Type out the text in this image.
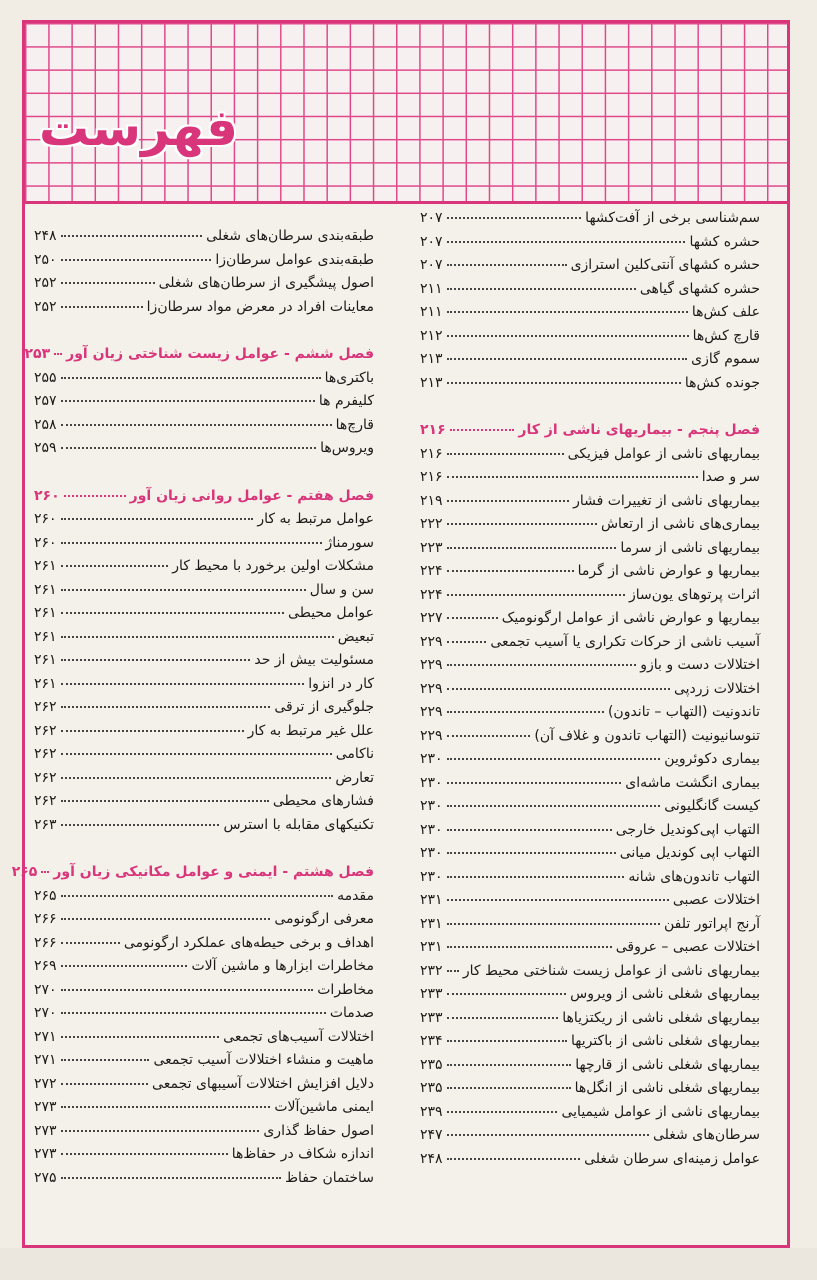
فهرست
سم‌شناسی برخی از آفت‌کشها
۲۰۷
حشره کشها
۲۰۷
حشره کشهای آنتی‌کلین استرازی
۲۰۷
حشره کشهای گیاهی
۲۱۱
علف کش‌ها
۲۱۱
قارچ کش‌ها
۲۱۲
سموم گازی
۲۱۳
جونده کش‌ها
۲۱۳
فصل پنجم - بیماریهای ناشی از کار
۲۱۶
بیماریهای ناشی از عوامل فیزیکی
۲۱۶
سر و صدا
۲۱۶
بیماریهای ناشی از تغییرات فشار
۲۱۹
بیماری‌های ناشی از ارتعاش
۲۲۲
بیماریهای ناشی از سرما
۲۲۳
بیماریها و عوارض ناشی از گرما
۲۲۴
اثرات پرتوهای یون‌ساز
۲۲۴
بیماریها و عوارض ناشی از عوامل ارگونومیک
۲۲۷
آسیب ناشی از حرکات تکراری یا آسیب تجمعی
۲۲۹
اختلالات دست و بازو
۲۲۹
اختلالات زردپی
۲۲۹
تاندونیت (التهاب – تاندون)
۲۲۹
تنوسانیونیت (التهاب تاندون و غلاف آن)
۲۲۹
بیماری دکوئروین
۲۳۰
بیماری انگشت ماشه‌ای
۲۳۰
کیست گانگلیونی
۲۳۰
التهاب اپی‌کوندیل خارجی
۲۳۰
التهاب اپی کوندیل میانی
۲۳۰
التهاب تاندون‌های شانه
۲۳۰
اختلالات عصبی
۲۳۱
آرنج اپراتور تلفن
۲۳۱
اختلالات عصبی – عروقی
۲۳۱
بیماریهای ناشی از عوامل زیست شناختی محیط کار
۲۳۲
بیماریهای شغلی ناشی از ویروس
۲۳۳
بیماریهای شغلی ناشی از ریکتزیاها
۲۳۳
بیماریهای شغلی ناشی از باکتریها
۲۳۴
بیماریهای شغلی ناشی از قارچها
۲۳۵
بیماریهای شغلی ناشی از انگل‌ها
۲۳۵
بیماریهای ناشی از عوامل شیمیایی
۲۳۹
سرطان‌های شغلی
۲۴۷
عوامل زمینه‌ای سرطان شغلی
۲۴۸
طبقه‌بندی سرطان‌های شغلی
۲۴۸
طبقه‌بندی عوامل سرطان‌زا
۲۵۰
اصول پیشگیری از سرطان‌های شغلی
۲۵۲
معاینات افراد در معرض مواد سرطان‌زا
۲۵۲
فصل ششم - عوامل زیست شناختی زیان آور
۲۵۳
باکتری‌ها
۲۵۵
کلیفرم ها
۲۵۷
قارچ‌ها
۲۵۸
ویروس‌ها
۲۵۹
فصل هفتم - عوامل روانی زیان آور
۲۶۰
عوامل مرتبط به کار
۲۶۰
سورمناژ
۲۶۰
مشکلات اولین برخورد با محیط کار
۲۶۱
سن و سال
۲۶۱
عوامل محیطی
۲۶۱
تبعیض
۲۶۱
مسئولیت بیش از حد
۲۶۱
کار در انزوا
۲۶۱
جلوگیری از ترقی
۲۶۲
علل غیر مرتبط به کار
۲۶۲
ناکامی
۲۶۲
تعارض
۲۶۲
فشارهای محیطی
۲۶۲
تکنیکهای مقابله با استرس
۲۶۳
فصل هشتم - ایمنی و عوامل مکانیکی زیان آور
۲۶۵
مقدمه
۲۶۵
معرفی ارگونومی
۲۶۶
اهداف و برخی حیطه‌های عملکرد ارگونومی
۲۶۶
مخاطرات ابزارها و ماشین آلات
۲۶۹
مخاطرات
۲۷۰
صدمات
۲۷۰
اختلالات آسیب‌های تجمعی
۲۷۱
ماهیت و منشاء اختلالات آسیب تجمعی
۲۷۱
دلایل افزایش اختلالات آسیبهای تجمعی
۲۷۲
ایمنی ماشین‌آلات
۲۷۳
اصول حفاظ گذاری
۲۷۳
اندازه شکاف در حفاظ‌ها
۲۷۳
ساختمان حفاظ
۲۷۵
